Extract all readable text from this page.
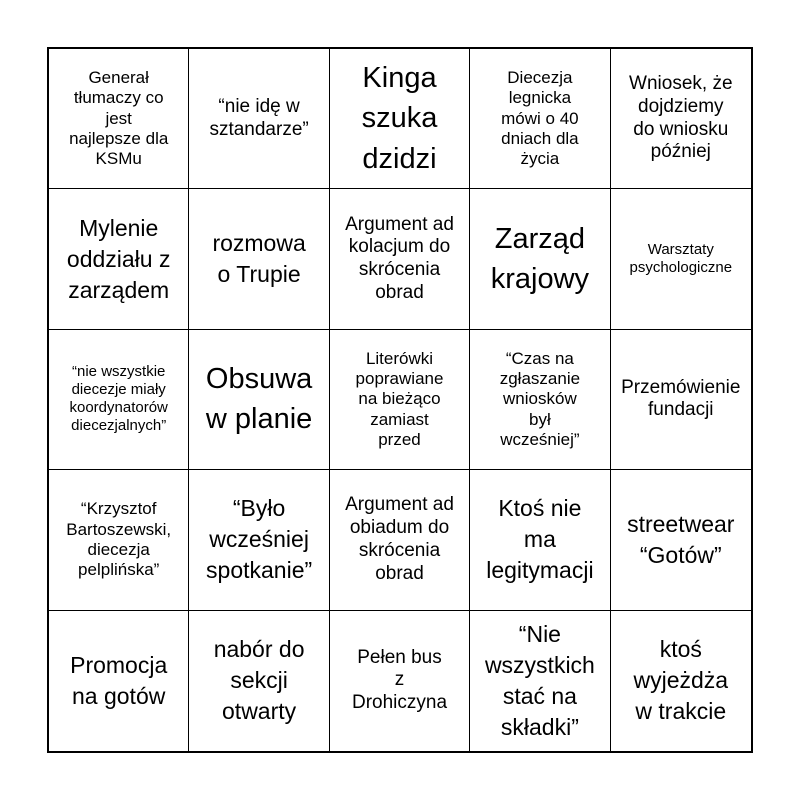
Generał
tłumaczy co
jest
najlepsze dla
KSMu
“nie idę w
sztandarze”
Kinga
szuka
dzidzi
Diecezja
legnicka
mówi o 40
dniach dla
życia
Wniosek, że
dojdziemy
do wniosku
później
Mylenie
oddziału z
zarządem
rozmowa
o Trupie
Argument ad
kolacjum do
skrócenia
obrad
Zarząd
krajowy
Warsztaty
psychologiczne
“nie wszystkie
diecezje miały
koordynatorów
diecezjalnych”
Obsuwa
w planie
Literówki
poprawiane
na bieżąco
zamiast
przed
“Czas na
zgłaszanie
wniosków
był
wcześniej”
Przemówienie
fundacji
“Krzysztof
Bartoszewski,
diecezja
pelplińska”
“Było
wcześniej
spotkanie”
Argument ad
obiadum do
skrócenia
obrad
Ktoś nie
ma
legitymacji
streetwear
“Gotów”
Promocja
na gotów
nabór do
sekcji
otwarty
Pełen bus
z
Drohiczyna
“Nie
wszystkich
stać na
składki”
ktoś
wyjeżdża
w trakcie
